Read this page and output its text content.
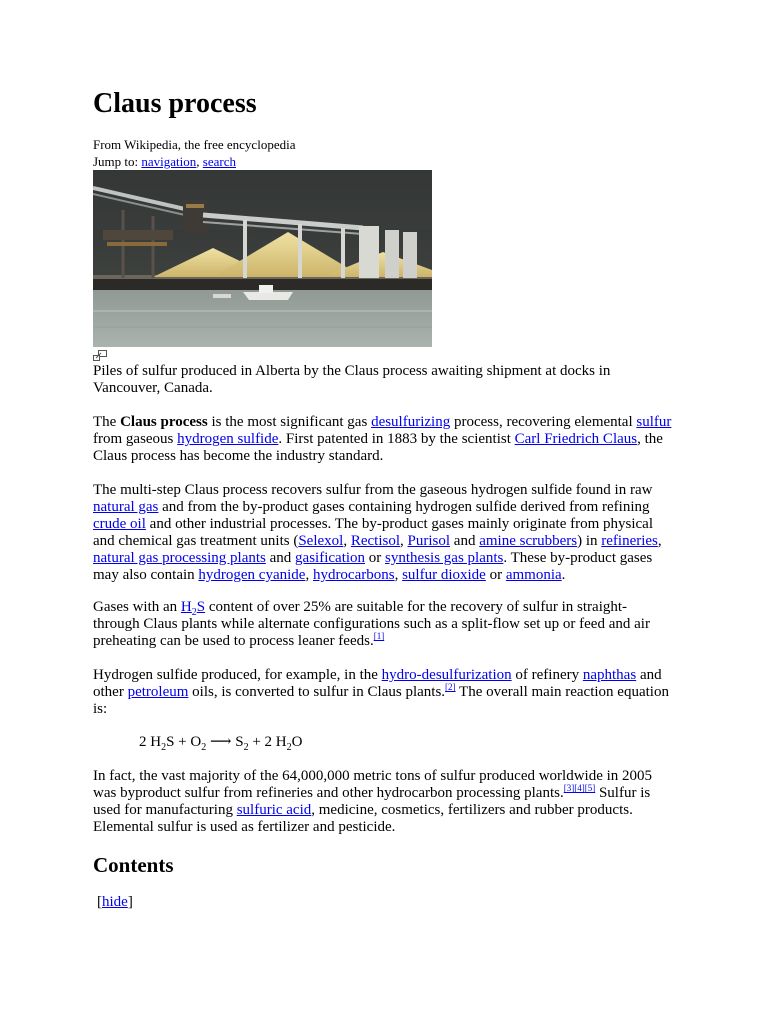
Claus process
From Wikipedia, the free encyclopedia
Jump to: navigation, search
Piles of sulfur produced in Alberta by the Claus process awaiting shipment at docks in Vancouver, Canada.

The Claus process is the most significant gas desulfurizing process, recovering elemental sulfur from gaseous hydrogen sulfide. First patented in 1883 by the scientist Carl Friedrich Claus, the Claus process has become the industry standard.

The multi-step Claus process recovers sulfur from the gaseous hydrogen sulfide found in raw natural gas and from the by-product gases containing hydrogen sulfide derived from refining crude oil and other industrial processes. The by-product gases mainly originate from physical and chemical gas treatment units (Selexol, Rectisol, Purisol and amine scrubbers) in refineries, natural gas processing plants and gasification or synthesis gas plants. These by-product gases may also contain hydrogen cyanide, hydrocarbons, sulfur dioxide or ammonia.

Gases with an $H_2S$ content of over 25% are suitable for the recovery of sulfur in straight-through Claus plants while alternate configurations such as a split-flow set up or feed and air preheating can be used to process leaner feeds.[1]

Hydrogen sulfide produced, for example, in the hydro-desulfurization of refinery naphthas and other petroleum oils, is converted to sulfur in Claus plants.[2] The overall main reaction equation is:

2 $H_2S + O_2$ ⟶ $S_2 + 2$ $H_2O$

In fact, the vast majority of the 64,000,000 metric tons of sulfur produced worldwide in 2005 was byproduct sulfur from refineries and other hydrocarbon processing plants.[3][4][5] Sulfur is used for manufacturing sulfuric acid, medicine, cosmetics, fertilizers and rubber products. Elemental sulfur is used as fertilizer and pesticide.

Contents
[hide]
